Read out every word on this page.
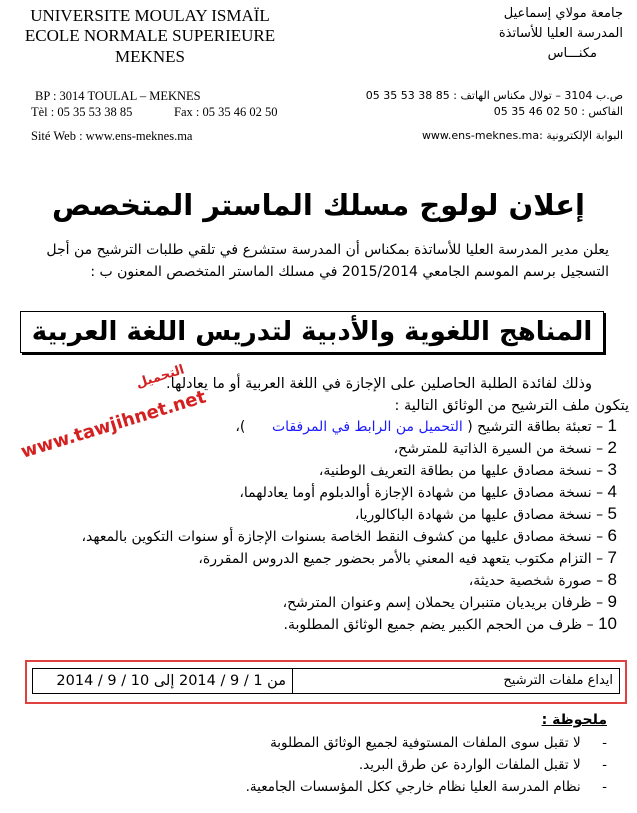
UNIVERSITE MOULAY ISMAÏL
ECOLE NORMALE SUPERIEURE
MEKNES
جامعة مولاي إسماعيل
المدرسة العليا للأساتذة
مكنـــاس
BP : 3014 TOULAL – MEKNES
Tèl : 05 35 53 38 85	Fax : 05 35 46 02 50
Sité Web : www.ens-meknes.ma
ص.ب 3104 – تولال مكناس الهاتف : 85 38 53 35 05
الفاكس : 50 02 46 35 05
البوابة الإلكترونية :www.ens-meknes.ma
إعلان لولوج مسلك الماستر المتخصص
يعلن مدير المدرسة العليا للأساتذة بمكناس أن المدرسة ستشرع في تلقي طلبات الترشيح من أجل
التسجيل برسم الموسم الجامعي 2015/2014 في مسلك الماستر المتخصص المعنون ب :
المناهج اللغوية والأدبية لتدريس اللغة العربية
وذلك لفائدة الطلبة الحاصلين على الإجازة في اللغة العربية أو ما يعادلها.
يتكون ملف الترشيح من الوثائق التالية :
1 – تعبئة بطاقة الترشيح ( التحميل من الرابط في المرفقات      )،
2 – نسخة من السيرة الذاتية للمترشح،
3 – نسخة مصادق عليها من بطاقة التعريف الوطنية،
4 – نسخة مصادق عليها من شهادة الإجازة أوالدبلوم أوما يعادلهما،
5 – نسخة مصادق عليها من شهادة الباكالوريا،
6 – نسخة مصادق عليها من كشوف النقط الخاصة بسنوات الإجازة أو سنوات التكوين بالمعهد،
7 – التزام مكتوب يتعهد فيه المعني بالأمر بحضور جميع الدروس المقررة،
8 – صورة شخصية حديثة،
9 – ظرفان بريديان متنبران يحملان إسم وعنوان المترشح،
10 – ظرف من الحجم الكبير يضم جميع الوثائق المطلوبة.
التحميل
www.tawjihnet.net
ايداع ملفات الترشيح
من 1 / 9 / 2014 إلى 10 / 9 / 2014
ملحوظة :
-     لا تقبل سوى الملفات المستوفية لجميع الوثائق المطلوبة
-     لا تقبل الملفات الواردة عن طرق البريد.
-     نظام المدرسة العليا نظام خارجي ككل المؤسسات الجامعية.
